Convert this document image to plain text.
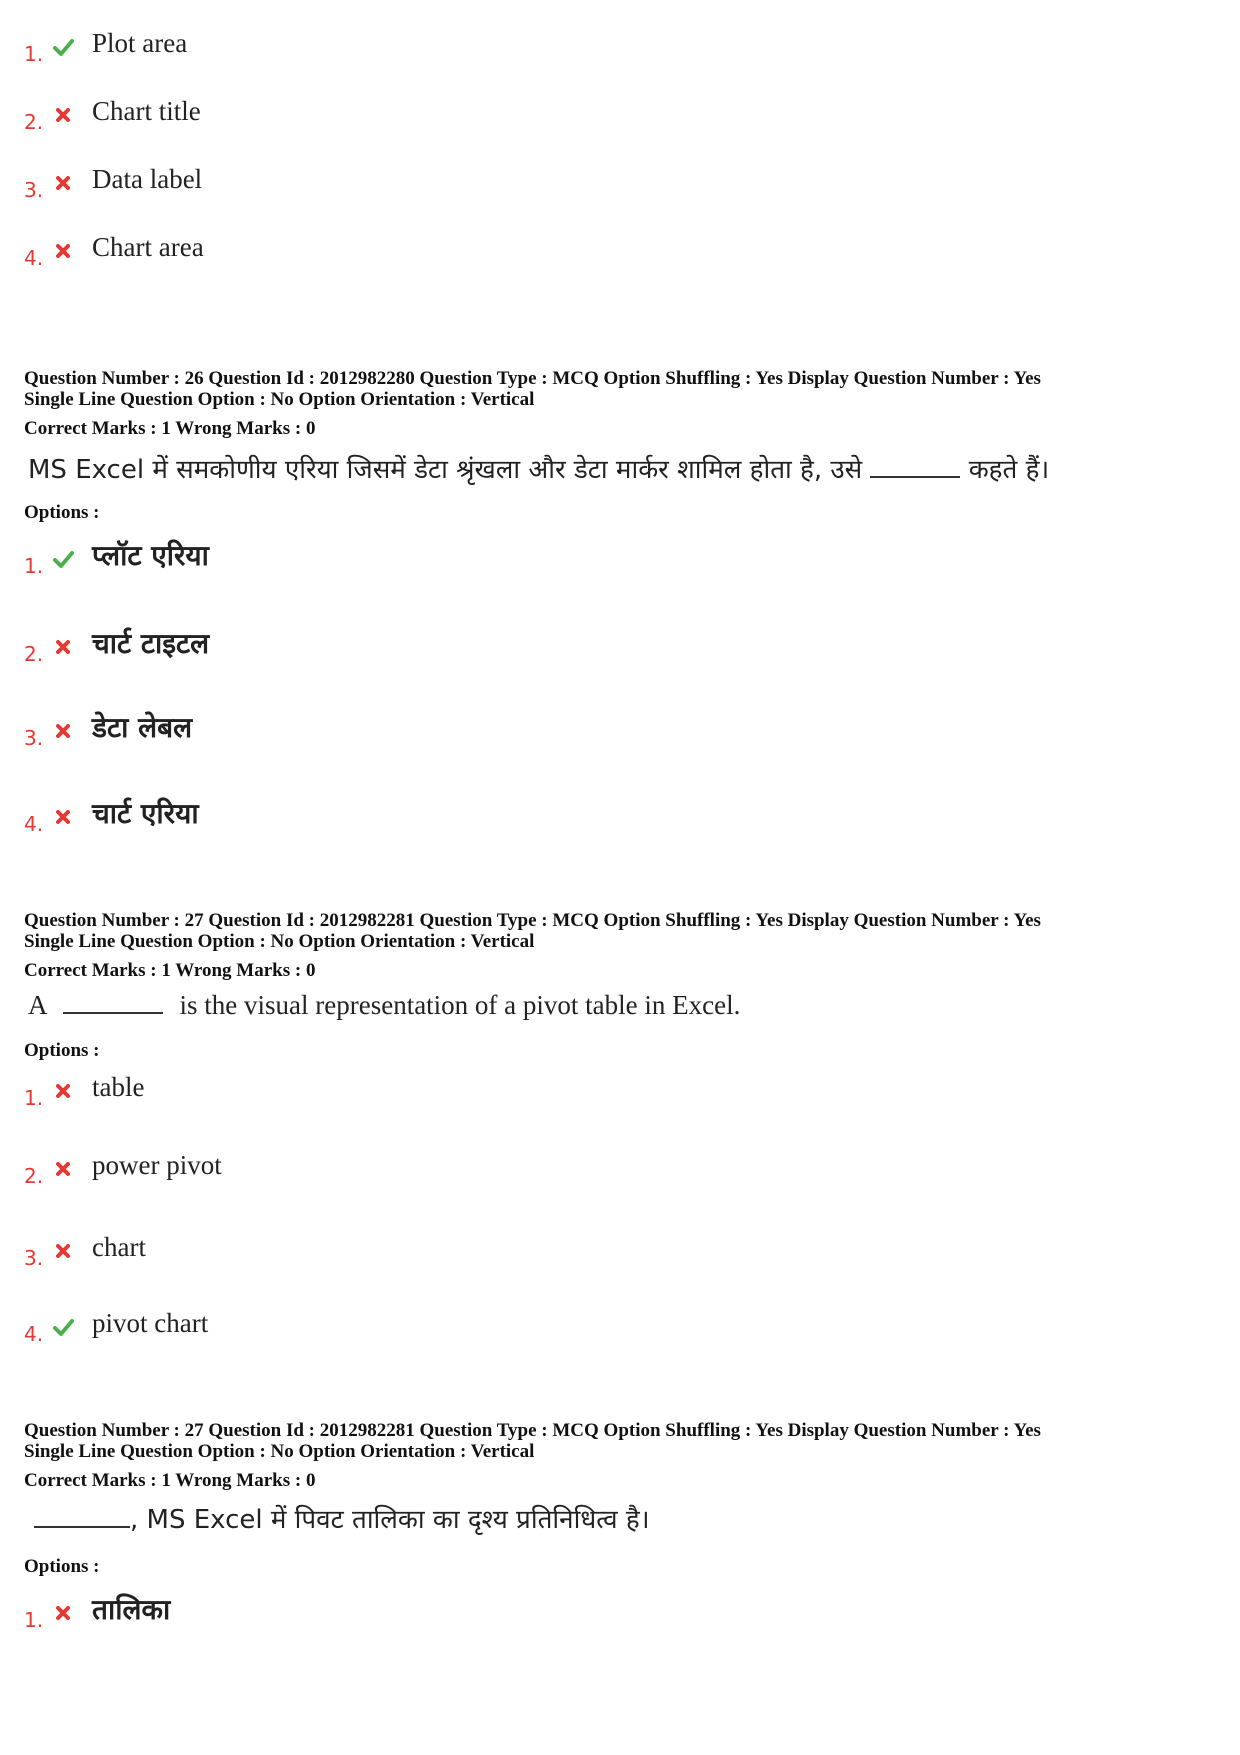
1. Plot area
2. Chart title
3. Data label
4. Chart area
Question Number : 26 Question Id : 2012982280 Question Type : MCQ Option Shuffling : Yes Display Question Number : Yes
Single Line Question Option : No Option Orientation : Vertical
Correct Marks : 1 Wrong Marks : 0
MS Excel में समकोणीय एरिया जिसमें डेटा श्रृंखला और डेटा मार्कर शामिल होता है, उसे	कहते हैं।
Options :
1. प्लॉट एरिया
2. चार्ट टाइटल
3. डेटा लेबल
4. चार्ट एरिया
Question Number : 27 Question Id : 2012982281 Question Type : MCQ Option Shuffling : Yes Display Question Number : Yes
Single Line Question Option : No Option Orientation : Vertical
Correct Marks : 1 Wrong Marks : 0
A	is the visual representation of a pivot table in Excel.
Options :
1. table
2. power pivot
3. chart
4. pivot chart
Question Number : 27 Question Id : 2012982281 Question Type : MCQ Option Shuffling : Yes Display Question Number : Yes
Single Line Question Option : No Option Orientation : Vertical
Correct Marks : 1 Wrong Marks : 0
, MS Excel में पिवट तालिका का दृश्य प्रतिनिधित्व है।
Options :
1. तालिका
